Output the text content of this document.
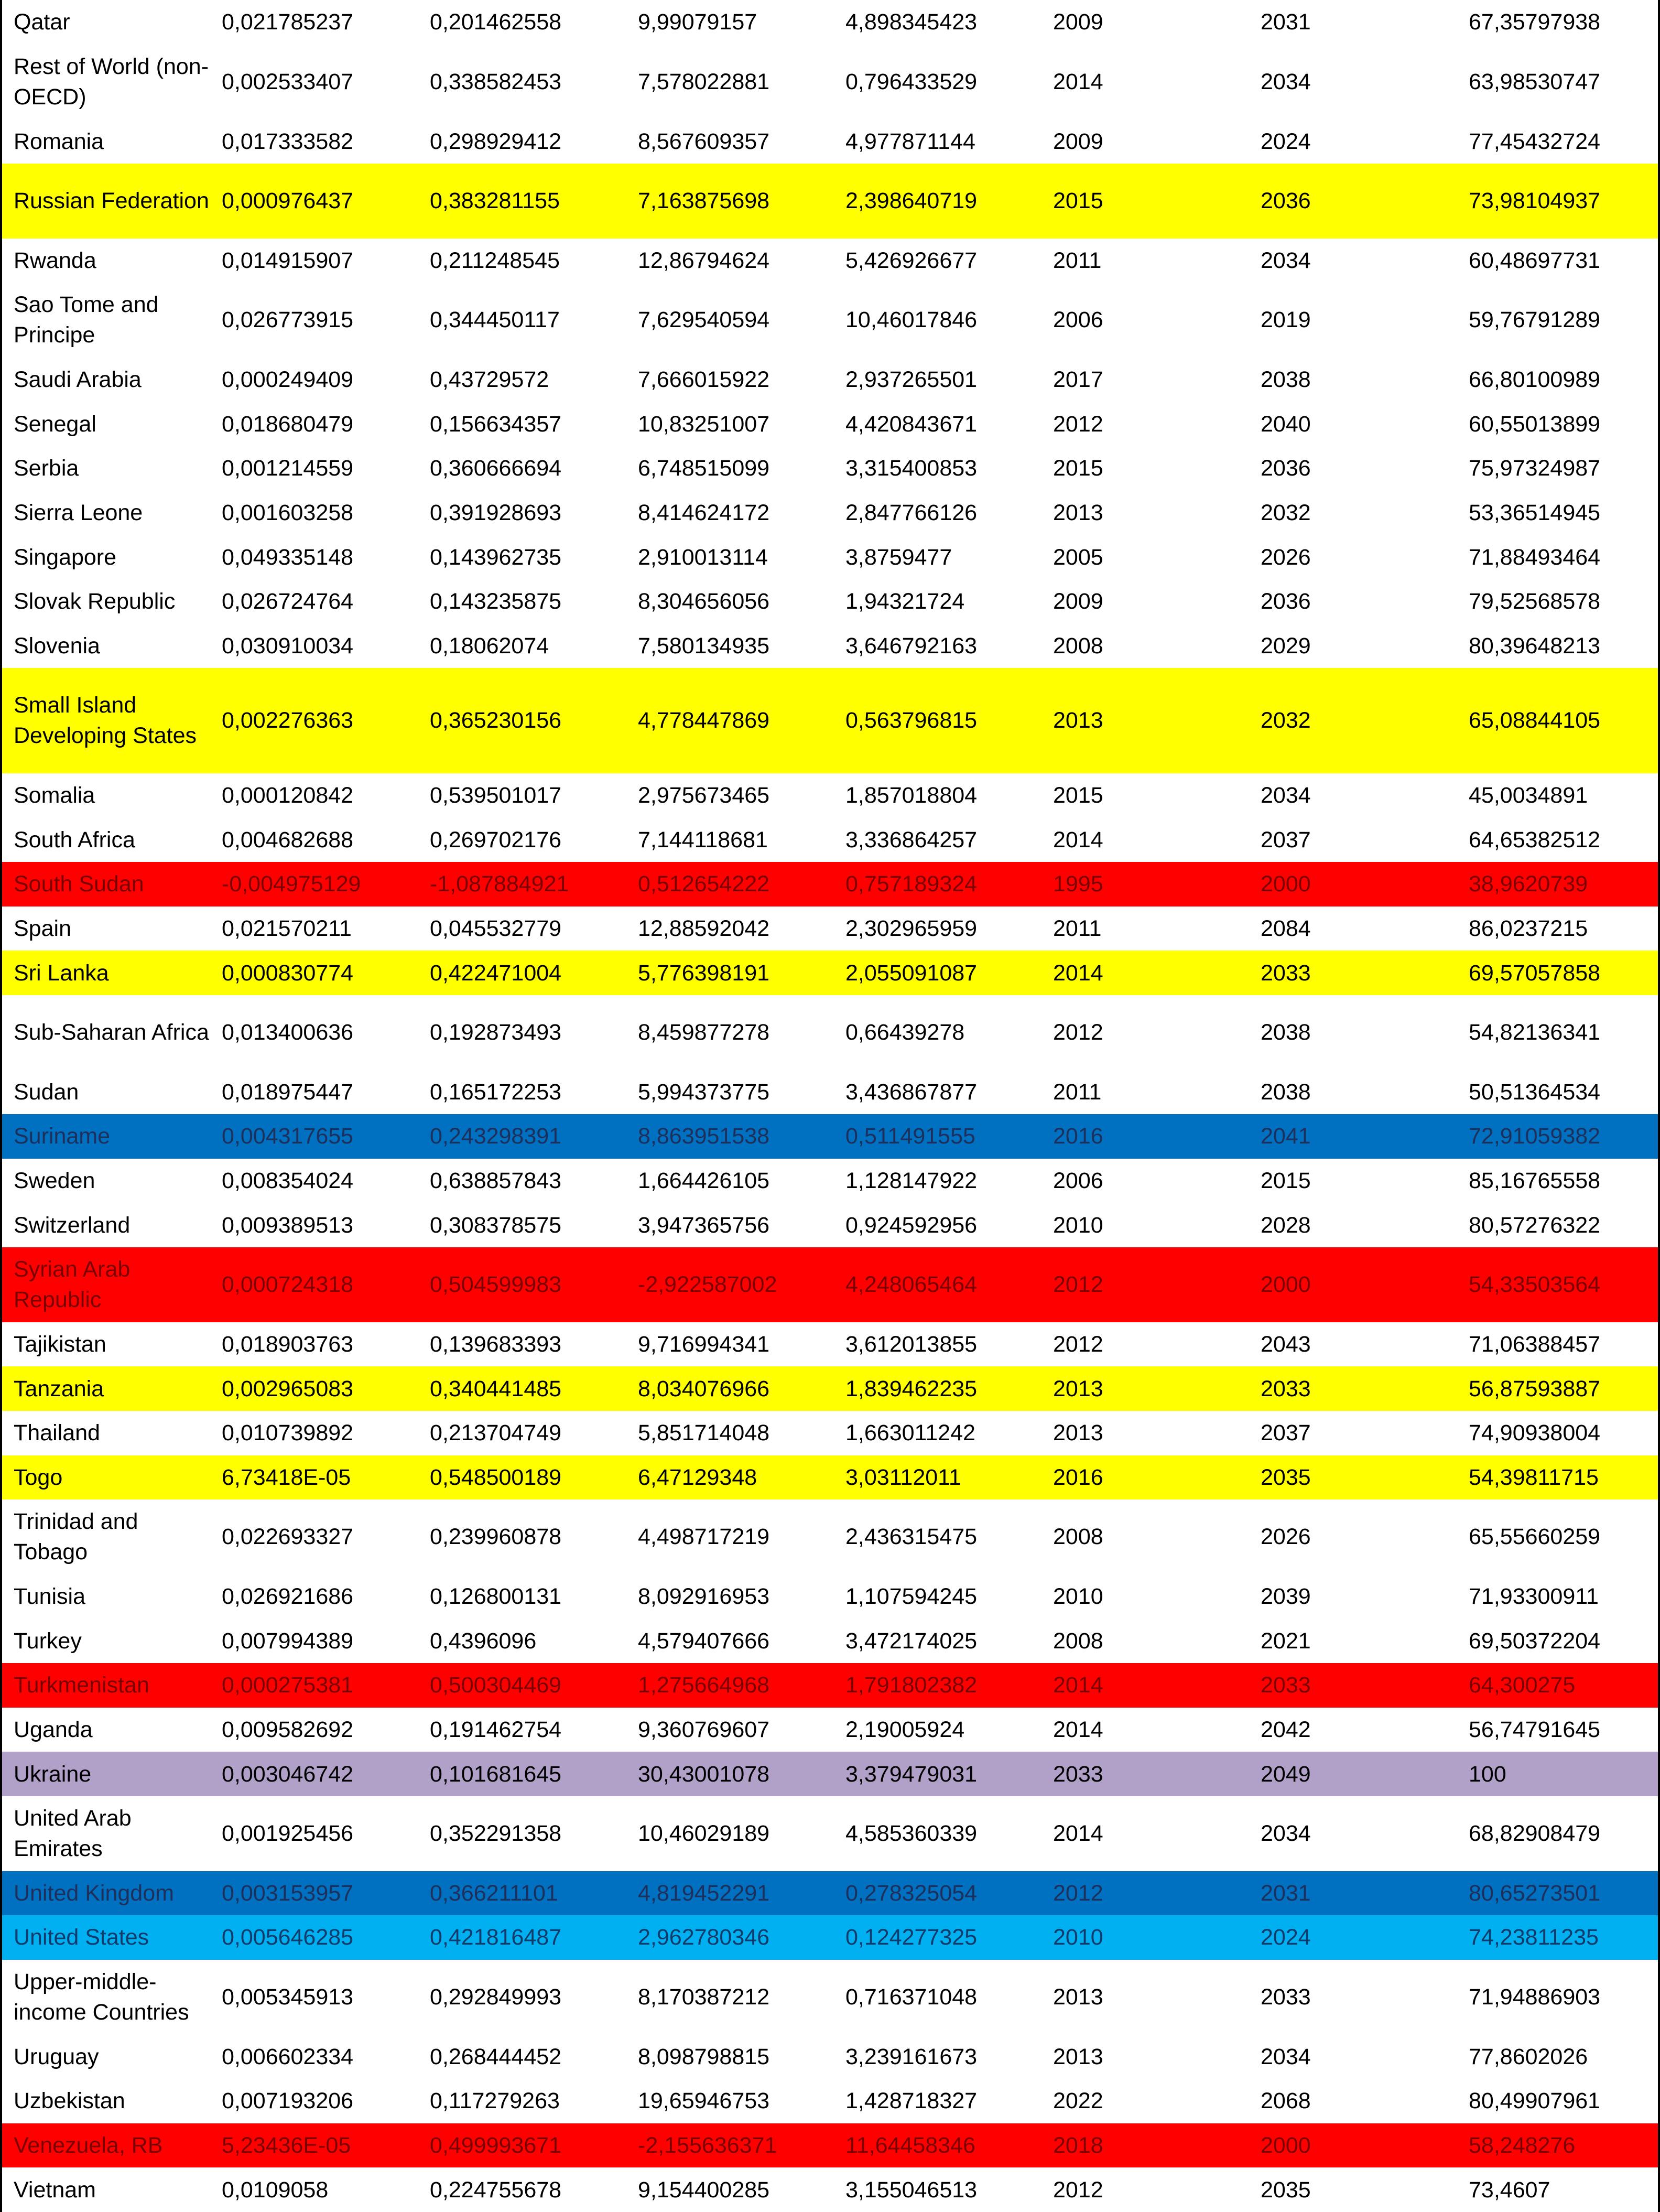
Qatar	0,021785237	0,201462558	9,99079157	4,898345423	2009	2031	67,35797938
Rest of World (non-OECD)	0,002533407	0,338582453	7,578022881	0,796433529	2014	2034	63,98530747
Romania	0,017333582	0,298929412	8,567609357	4,977871144	2009	2024	77,45432724
Russian Federation	0,000976437	0,383281155	7,163875698	2,398640719	2015	2036	73,98104937
Rwanda	0,014915907	0,211248545	12,86794624	5,426926677	2011	2034	60,48697731
Sao Tome and Principe	0,026773915	0,344450117	7,629540594	10,46017846	2006	2019	59,76791289
Saudi Arabia	0,000249409	0,43729572	7,666015922	2,937265501	2017	2038	66,80100989
Senegal	0,018680479	0,156634357	10,83251007	4,420843671	2012	2040	60,55013899
Serbia	0,001214559	0,360666694	6,748515099	3,315400853	2015	2036	75,97324987
Sierra Leone	0,001603258	0,391928693	8,414624172	2,847766126	2013	2032	53,36514945
Singapore	0,049335148	0,143962735	2,910013114	3,8759477	2005	2026	71,88493464
Slovak Republic	0,026724764	0,143235875	8,304656056	1,94321724	2009	2036	79,52568578
Slovenia	0,030910034	0,18062074	7,580134935	3,646792163	2008	2029	80,39648213
Small Island Developing States	0,002276363	0,365230156	4,778447869	0,563796815	2013	2032	65,08844105
Somalia	0,000120842	0,539501017	2,975673465	1,857018804	2015	2034	45,0034891
South Africa	0,004682688	0,269702176	7,144118681	3,336864257	2014	2037	64,65382512
South Sudan	-0,004975129	-1,087884921	0,512654222	0,757189324	1995	2000	38,9620739
Spain	0,021570211	0,045532779	12,88592042	2,302965959	2011	2084	86,0237215
Sri Lanka	0,000830774	0,422471004	5,776398191	2,055091087	2014	2033	69,57057858
Sub-Saharan Africa	0,013400636	0,192873493	8,459877278	0,66439278	2012	2038	54,82136341
Sudan	0,018975447	0,165172253	5,994373775	3,436867877	2011	2038	50,51364534
Suriname	0,004317655	0,243298391	8,863951538	0,511491555	2016	2041	72,91059382
Sweden	0,008354024	0,638857843	1,664426105	1,128147922	2006	2015	85,16765558
Switzerland	0,009389513	0,308378575	3,947365756	0,924592956	2010	2028	80,57276322
Syrian Arab Republic	0,000724318	0,504599983	-2,922587002	4,248065464	2012	2000	54,33503564
Tajikistan	0,018903763	0,139683393	9,716994341	3,612013855	2012	2043	71,06388457
Tanzania	0,002965083	0,340441485	8,034076966	1,839462235	2013	2033	56,87593887
Thailand	0,010739892	0,213704749	5,851714048	1,663011242	2013	2037	74,90938004
Togo	6,73418E-05	0,548500189	6,47129348	3,03112011	2016	2035	54,39811715
Trinidad and Tobago	0,022693327	0,239960878	4,498717219	2,436315475	2008	2026	65,55660259
Tunisia	0,026921686	0,126800131	8,092916953	1,107594245	2010	2039	71,93300911
Turkey	0,007994389	0,4396096	4,579407666	3,472174025	2008	2021	69,50372204
Turkmenistan	0,000275381	0,500304469	1,275664968	1,791802382	2014	2033	64,300275
Uganda	0,009582692	0,191462754	9,360769607	2,19005924	2014	2042	56,74791645
Ukraine	0,003046742	0,101681645	30,43001078	3,379479031	2033	2049	100
United Arab Emirates	0,001925456	0,352291358	10,46029189	4,585360339	2014	2034	68,82908479
United Kingdom	0,003153957	0,366211101	4,819452291	0,278325054	2012	2031	80,65273501
United States	0,005646285	0,421816487	2,962780346	0,124277325	2010	2024	74,23811235
Upper-middle-income Countries	0,005345913	0,292849993	8,170387212	0,716371048	2013	2033	71,94886903
Uruguay	0,006602334	0,268444452	8,098798815	3,239161673	2013	2034	77,8602026
Uzbekistan	0,007193206	0,117279263	19,65946753	1,428718327	2022	2068	80,49907961
Venezuela, RB	5,23436E-05	0,499993671	-2,155636371	11,64458346	2018	2000	58,248276
Vietnam	0,0109058	0,224755678	9,154400285	3,155046513	2012	2035	73,4607
